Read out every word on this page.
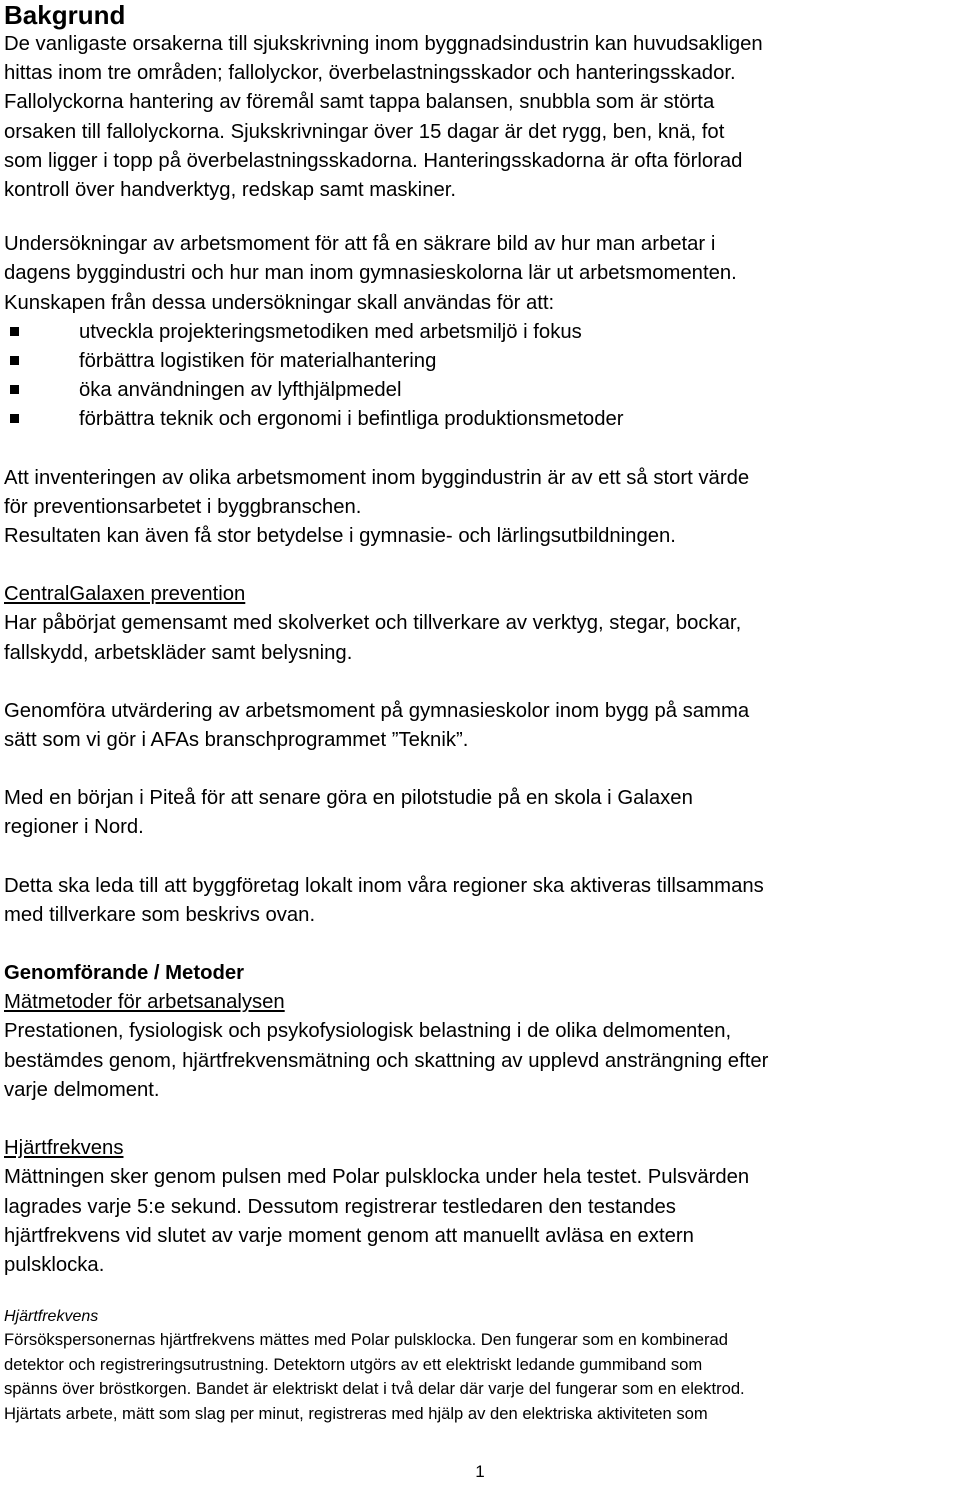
Bakgrund
De vanligaste orsakerna till sjukskrivning inom byggnadsindustrin kan huvudsakligen
hittas inom tre områden; fallolyckor, överbelastningsskador och hanteringsskador.
Fallolyckorna hantering av föremål samt tappa balansen, snubbla som är störta
orsaken till fallolyckorna. Sjukskrivningar över 15 dagar är det rygg, ben, knä, fot
som ligger i topp på överbelastningsskadorna. Hanteringsskadorna är ofta förlorad
kontroll över handverktyg, redskap samt maskiner.
Undersökningar av arbetsmoment för att få en säkrare bild av hur man arbetar i
dagens byggindustri och hur man inom gymnasieskolorna lär ut arbetsmomenten.
Kunskapen från dessa undersökningar skall användas för att:
utveckla projekteringsmetodiken med arbetsmiljö i fokus
förbättra logistiken för materialhantering
öka användningen av lyfthjälpmedel
förbättra teknik och ergonomi i befintliga produktionsmetoder
Att inventeringen av olika arbetsmoment inom byggindustrin är av ett så stort värde
för preventionsarbetet i byggbranschen.
Resultaten kan även få stor betydelse i gymnasie- och lärlingsutbildningen.
CentralGalaxen prevention
Har påbörjat gemensamt med skolverket och tillverkare av verktyg, stegar, bockar,
fallskydd, arbetskläder samt belysning.
Genomföra utvärdering av arbetsmoment på gymnasieskolor inom bygg på samma
sätt som vi gör i AFAs branschprogrammet ”Teknik”.
Med en början i Piteå för att senare göra en pilotstudie på en skola i Galaxen
regioner i Nord.
Detta ska leda till att byggföretag lokalt inom våra regioner ska aktiveras tillsammans
med tillverkare som beskrivs ovan.
Genomförande / Metoder
Mätmetoder för arbetsanalysen
Prestationen, fysiologisk och psykofysiologisk belastning i de olika delmomenten,
bestämdes genom, hjärtfrekvensmätning och skattning av upplevd ansträngning efter
varje delmoment.
Hjärtfrekvens
Mättningen sker genom pulsen med Polar pulsklocka under hela testet. Pulsvärden
lagrades varje 5:e sekund. Dessutom registrerar testledaren den testandes
hjärtfrekvens vid slutet av varje moment genom att manuellt avläsa en extern
pulsklocka.
Hjärtfrekvens
Försökspersonernas hjärtfrekvens mättes med Polar pulsklocka. Den fungerar som en kombinerad
detektor och registreringsutrustning. Detektorn utgörs av ett elektriskt ledande gummiband som
spänns över bröstkorgen. Bandet är elektriskt delat i två delar där varje del fungerar som en elektrod.
Hjärtats arbete, mätt som slag per minut, registreras med hjälp av den elektriska aktiviteten som
1
